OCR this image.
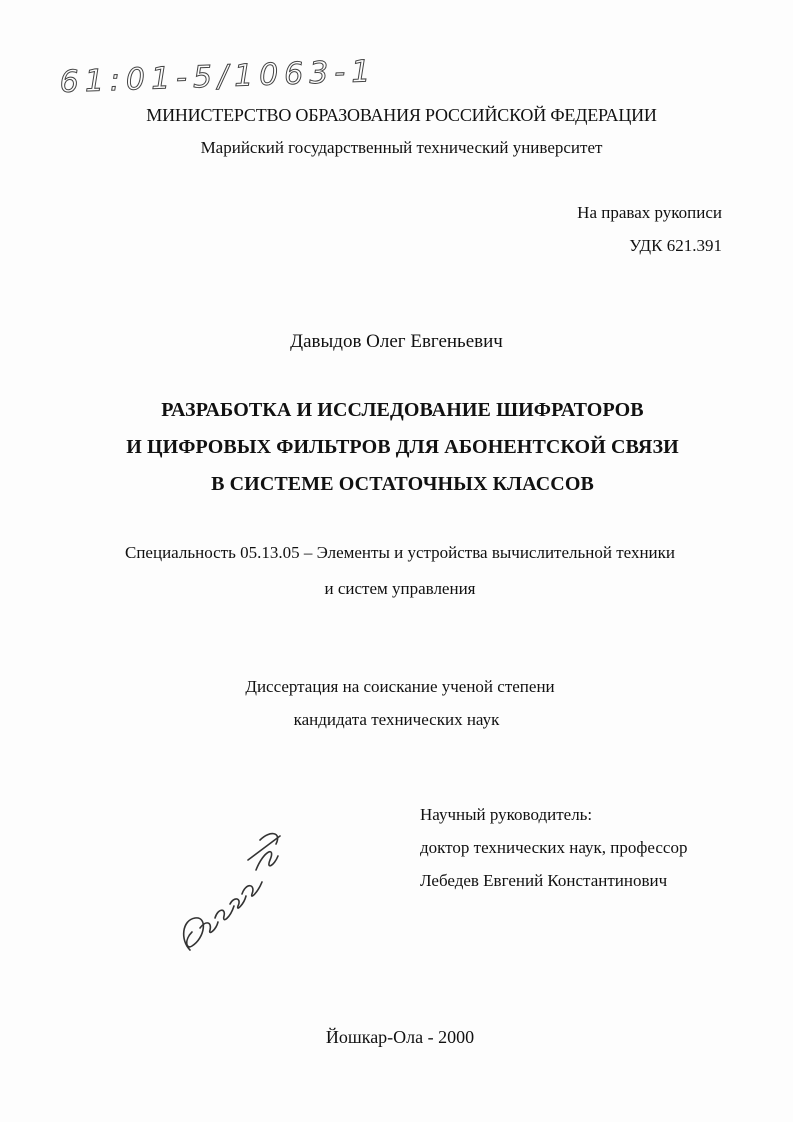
61:01-5/1063-1
МИНИСТЕРСТВО ОБРАЗОВАНИЯ РОССИЙСКОЙ ФЕДЕРАЦИИ
Марийский государственный технический университет
На правах рукописи
УДК 621.391
Давыдов Олег Евгеньевич
РАЗРАБОТКА И ИССЛЕДОВАНИЕ ШИФРАТОРОВ
И ЦИФРОВЫХ ФИЛЬТРОВ ДЛЯ АБОНЕНТСКОЙ СВЯЗИ
В СИСТЕМЕ ОСТАТОЧНЫХ КЛАССОВ
Специальность 05.13.05 – Элементы и устройства вычислительной техники
и систем управления
Диссертация на соискание ученой степени
кандидата технических наук
Научный руководитель:
доктор технических наук, профессор
Лебедев Евгений Константинович
Йошкар-Ола - 2000
